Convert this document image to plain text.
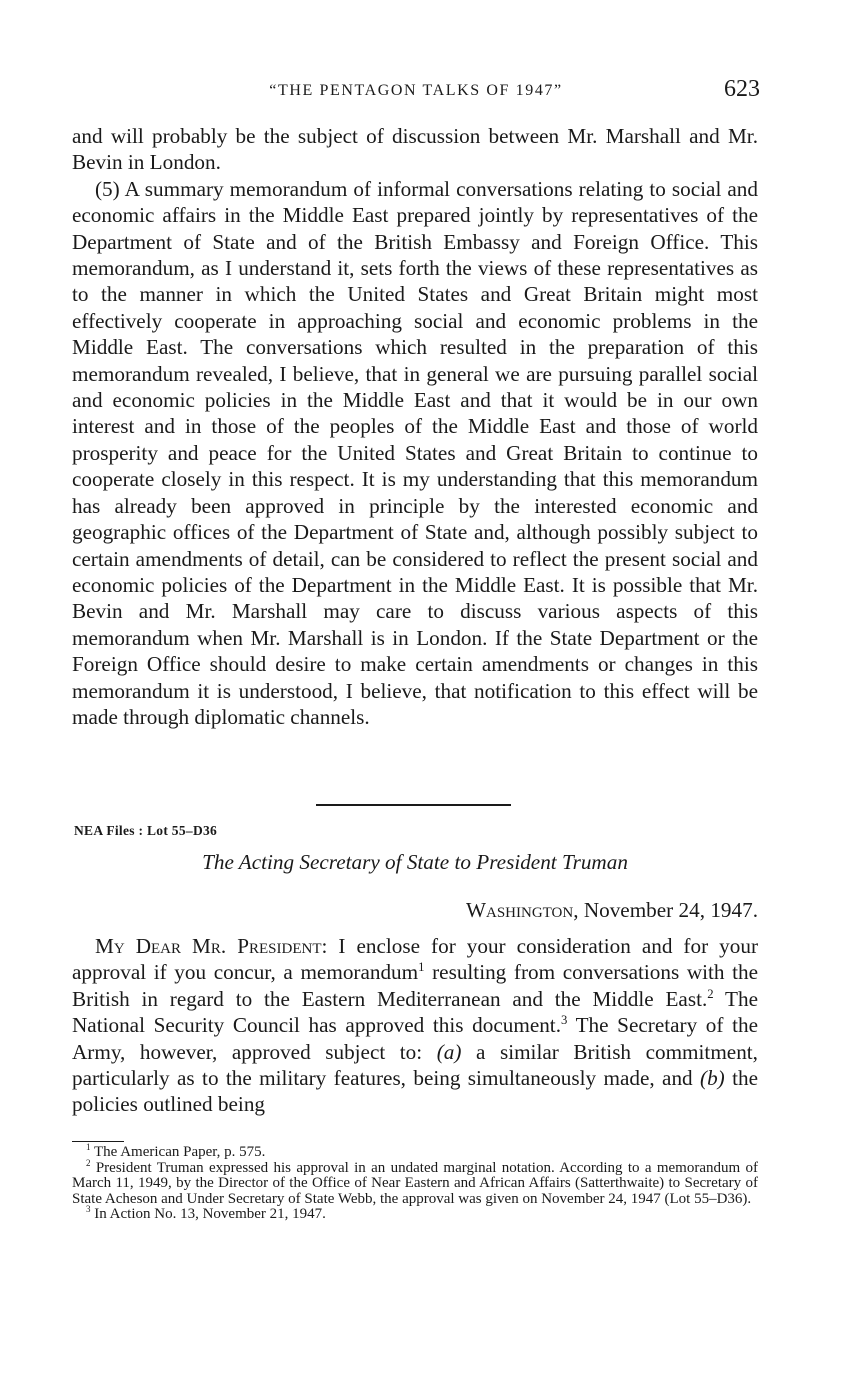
“THE PENTAGON TALKS OF 1947”	623

and will probably be the subject of discussion between Mr. Marshall and Mr. Bevin in London.

(5) A summary memorandum of informal conversations relating to social and economic affairs in the Middle East prepared jointly by representatives of the Department of State and of the British Embassy and Foreign Office. This memorandum, as I understand it, sets forth the views of these representatives as to the manner in which the United States and Great Britain might most effectively cooperate in approaching social and economic problems in the Middle East. The conversations which resulted in the preparation of this memorandum revealed, I believe, that in general we are pursuing parallel social and economic policies in the Middle East and that it would be in our own interest and in those of the peoples of the Middle East and those of world prosperity and peace for the United States and Great Britain to continue to cooperate closely in this respect. It is my understanding that this memorandum has already been approved in principle by the interested economic and geographic offices of the Department of State and, although possibly subject to certain amendments of detail, can be considered to reflect the present social and economic policies of the Department in the Middle East. It is possible that Mr. Bevin and Mr. Marshall may care to discuss various aspects of this memorandum when Mr. Marshall is in London. If the State Department or the Foreign Office should desire to make certain amendments or changes in this memorandum it is understood, I believe, that notification to this effect will be made through diplomatic channels.

NEA Files : Lot 55–D36
The Acting Secretary of State to President Truman
Washington, November 24, 1947.

My Dear Mr. President: I enclose for your consideration and for your approval if you concur, a memorandum$^1$ resulting from conversations with the British in regard to the Eastern Mediterranean and the Middle East.$^2$ The National Security Council has approved this document.$^3$ The Secretary of the Army, however, approved subject to: (a) a similar British commitment, particularly as to the military features, being simultaneously made, and (b) the policies outlined being

$^1$ The American Paper, p. 575.

$^2$ President Truman expressed his approval in an undated marginal notation. According to a memorandum of March 11, 1949, by the Director of the Office of Near Eastern and African Affairs (Satterthwaite) to Secretary of State Acheson and Under Secretary of State Webb, the approval was given on November 24, 1947 (Lot 55–D36).

$^3$ In Action No. 13, November 21, 1947.
